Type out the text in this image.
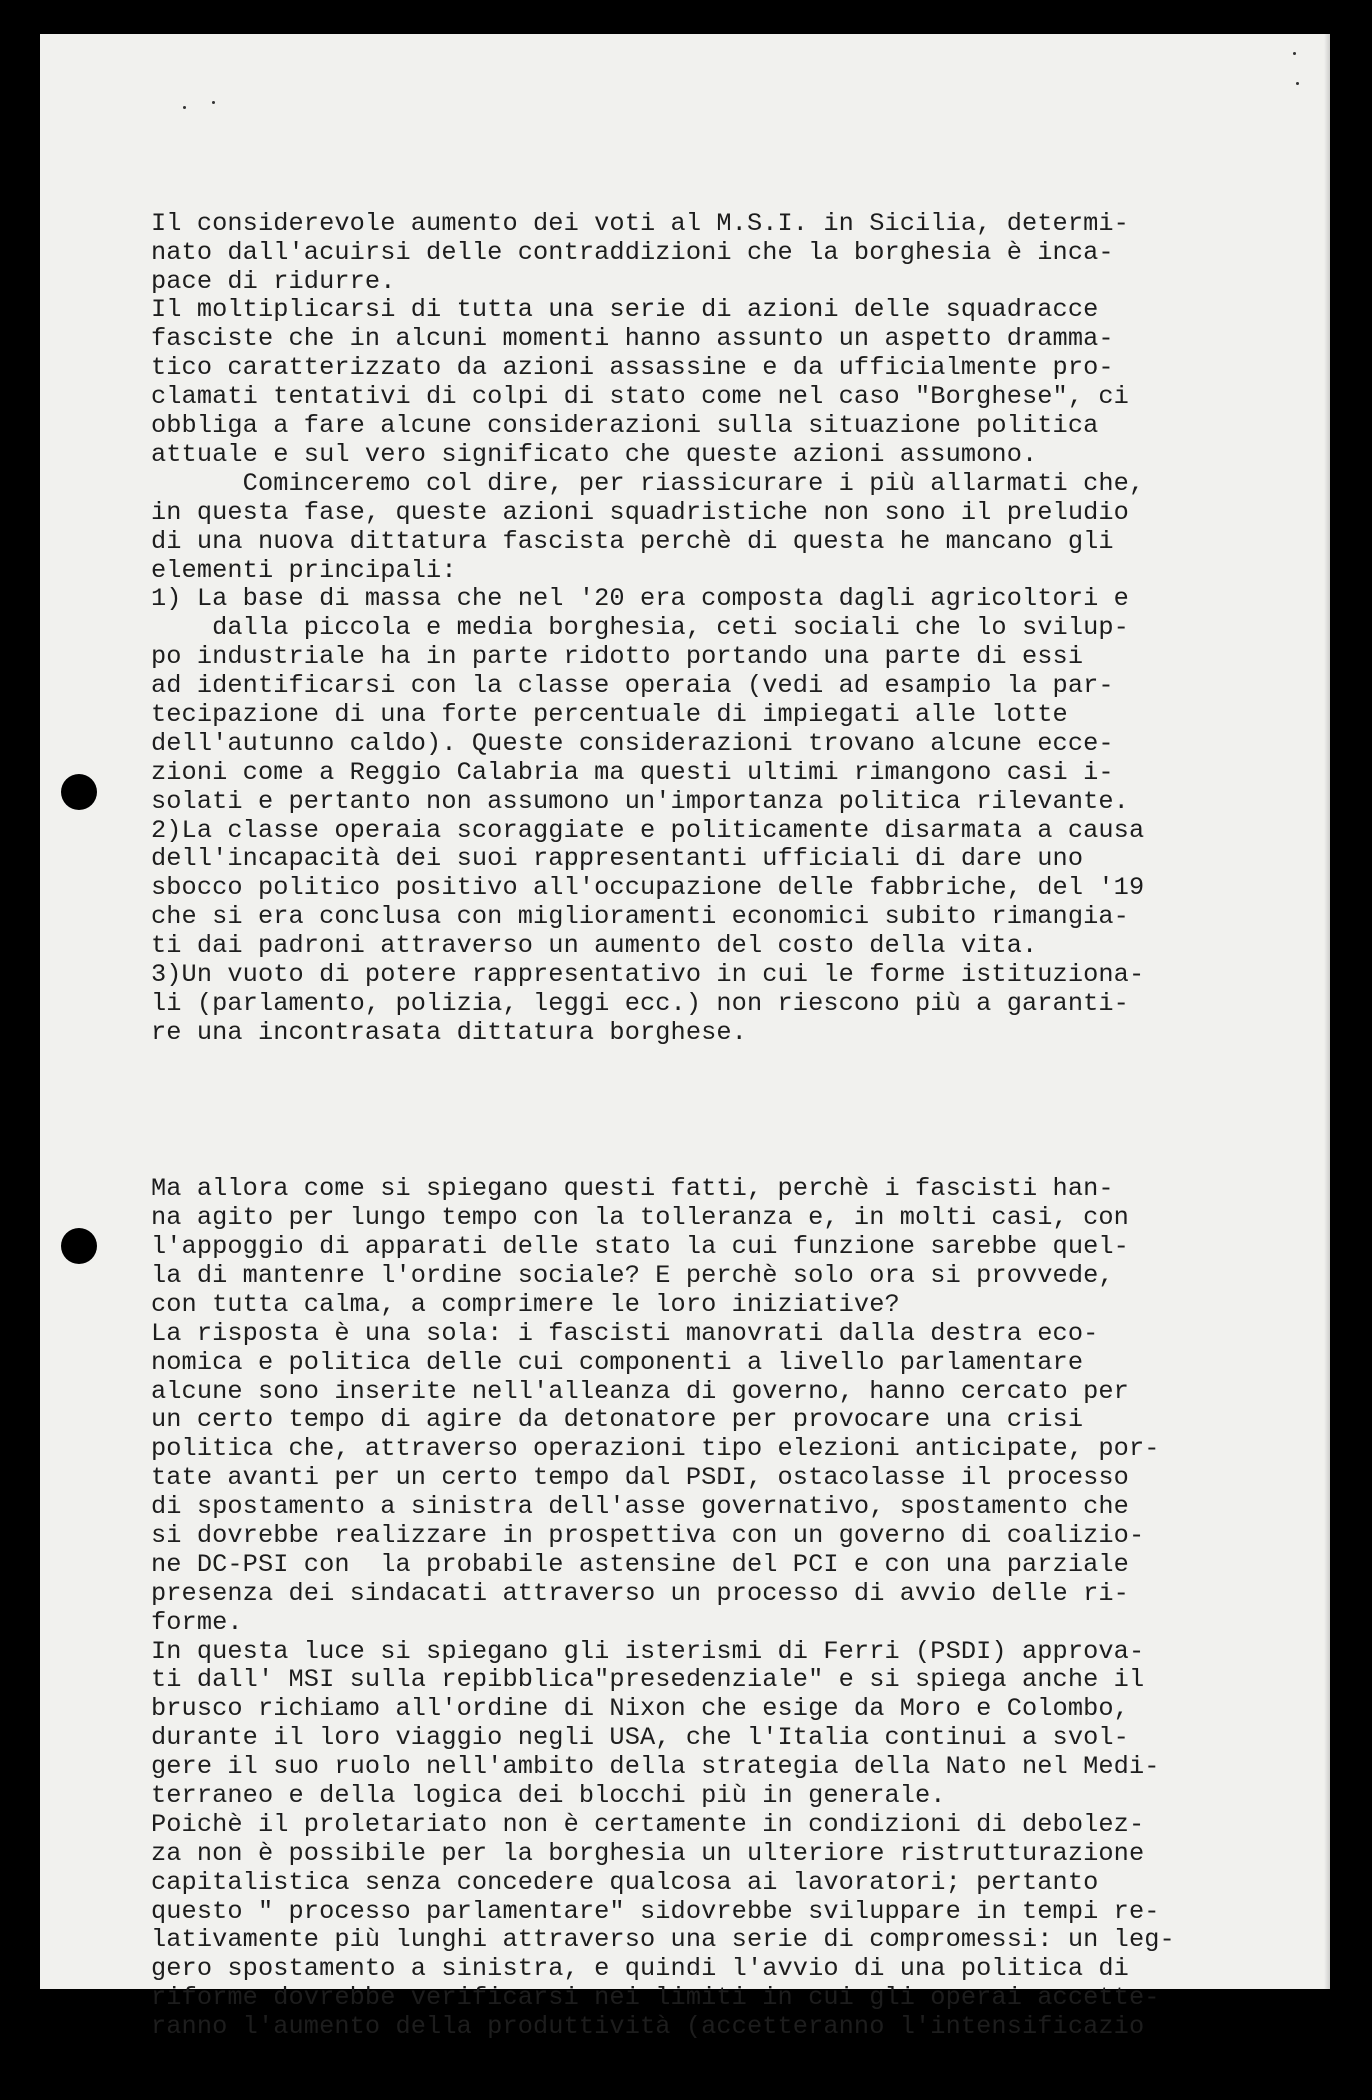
Il considerevole aumento dei voti al M.S.I. in Sicilia, determi-
nato dall'acuirsi delle contraddizioni che la borghesia è inca-
pace di ridurre.
Il moltiplicarsi di tutta una serie di azioni delle squadracce
fasciste che in alcuni momenti hanno assunto un aspetto dramma-
tico caratterizzato da azioni assassine e da ufficialmente pro-
clamati tentativi di colpi di stato come nel caso "Borghese", ci
obbliga a fare alcune considerazioni sulla situazione politica
attuale e sul vero significato che queste azioni assumono.
Cominceremo col dire, per riassicurare i più allarmati che,
in questa fase, queste azioni squadristiche non sono il preludio
di una nuova dittatura fascista perchè di questa he mancano gli
elementi principali:
1) La base di massa che nel '20 era composta dagli agricoltori e
dalla piccola e media borghesia, ceti sociali che lo svilup-
po industriale ha in parte ridotto portando una parte di essi
ad identificarsi con la classe operaia (vedi ad esampio la par-
tecipazione di una forte percentuale di impiegati alle lotte
dell'autunno caldo). Queste considerazioni trovano alcune ecce-
zioni come a Reggio Calabria ma questi ultimi rimangono casi i-
solati e pertanto non assumono un'importanza politica rilevante.
2)La classe operaia scoraggiate e politicamente disarmata a causa
dell'incapacità dei suoi rappresentanti ufficiali di dare uno
sbocco politico positivo all'occupazione delle fabbriche, del '19
che si era conclusa con miglioramenti economici subito rimangia-
ti dai padroni attraverso un aumento del costo della vita.
3)Un vuoto di potere rappresentativo in cui le forme istituziona-
li (parlamento, polizia, leggi ecc.) non riescono più a garanti-
re una incontrasata dittatura borghese.

Ma allora come si spiegano questi fatti, perchè i fascisti han-
na agito per lungo tempo con la tolleranza e, in molti casi, con
l'appoggio di apparati delle stato la cui funzione sarebbe quel-
la di mantenre l'ordine sociale? E perchè solo ora si provvede,
con tutta calma, a comprimere le loro iniziative?
La risposta è una sola: i fascisti manovrati dalla destra eco-
nomica e politica delle cui componenti a livello parlamentare
alcune sono inserite nell'alleanza di governo, hanno cercato per
un certo tempo di agire da detonatore per provocare una crisi
politica che, attraverso operazioni tipo elezioni anticipate, por-
tate avanti per un certo tempo dal PSDI, ostacolasse il processo
di spostamento a sinistra dell'asse governativo, spostamento che
si dovrebbe realizzare in prospettiva con un governo di coalizio-
ne DC-PSI con  la probabile astensine del PCI e con una parziale
presenza dei sindacati attraverso un processo di avvio delle ri-
forme.
In questa luce si spiegano gli isterismi di Ferri (PSDI) approva-
ti dall' MSI sulla repibblica"presedenziale" e si spiega anche il
brusco richiamo all'ordine di Nixon che esige da Moro e Colombo,
durante il loro viaggio negli USA, che l'Italia continui a svol-
gere il suo ruolo nell'ambito della strategia della Nato nel Medi-
terraneo e della logica dei blocchi più in generale.
Poichè il proletariato non è certamente in condizioni di debolez-
za non è possibile per la borghesia un ulteriore ristrutturazione
capitalistica senza concedere qualcosa ai lavoratori; pertanto
questo " processo parlamentare" sidovrebbe sviluppare in tempi re-
lativamente più lunghi attraverso una serie di compromessi: un leg-
gero spostamento a sinistra, e quindi l'avvio di una politica di
riforme dovrebbe verificarsi nei limiti in cui gli operai accette-
ranno l'aumento della produttività (accetteranno l'intensificazio
